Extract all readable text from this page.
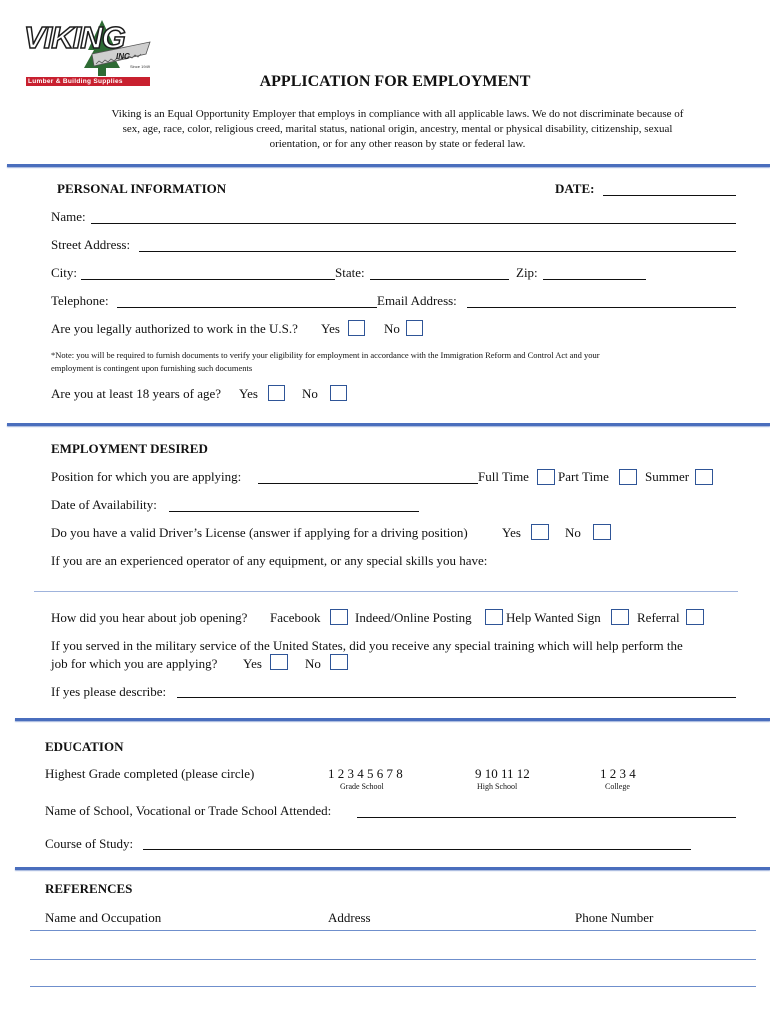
VIKING
INC
Since 1949
Lumber & Building Supplies	APPLICATION FOR EMPLOYMENT
Viking is an Equal Opportunity Employer that employs in compliance with all applicable laws. We do not discriminate because of
sex, age, race, color, religious creed, marital status, national origin, ancestry, mental or physical disability, citizenship, sexual
orientation, or for any other reason by state or federal law.
PERSONAL INFORMATION	DATE:
Name:
Street Address:
City:	State:	Zip:
Telephone:	Email Address:
Are you legally authorized to work in the U.S.? Yes	No
*Note: you will be required to furnish documents to verify your eligibility for employment in accordance with the Immigration Reform and Control Act and your
employment is contingent upon furnishing such documents
Are you at least 18 years of age? Yes	No
EMPLOYMENT DESIRED
Position for which you are applying:	Full Time Part Time	Summer
Date of Availability:
Do you have a valid Driver’s License (answer if applying for a driving position)	Yes	No
If you are an experienced operator of any equipment, or any special skills you have:
How did you hear about job opening? Facebook	Indeed/Online Posting	Help Wanted Sign	Referral
If you served in the military service of the United States, did you receive any special training which will help perform the
job for which you are applying? Yes	No
If yes please describe:
EDUCATION
Highest Grade completed (please circle)	1 2 3 4 5 6 7 8
Grade School
9 10 11 12
High School
1 2 3 4
College
Name of School, Vocational or Trade School Attended:
Course of Study:
REFERENCES
Name and Occupation	Address	Phone Number
